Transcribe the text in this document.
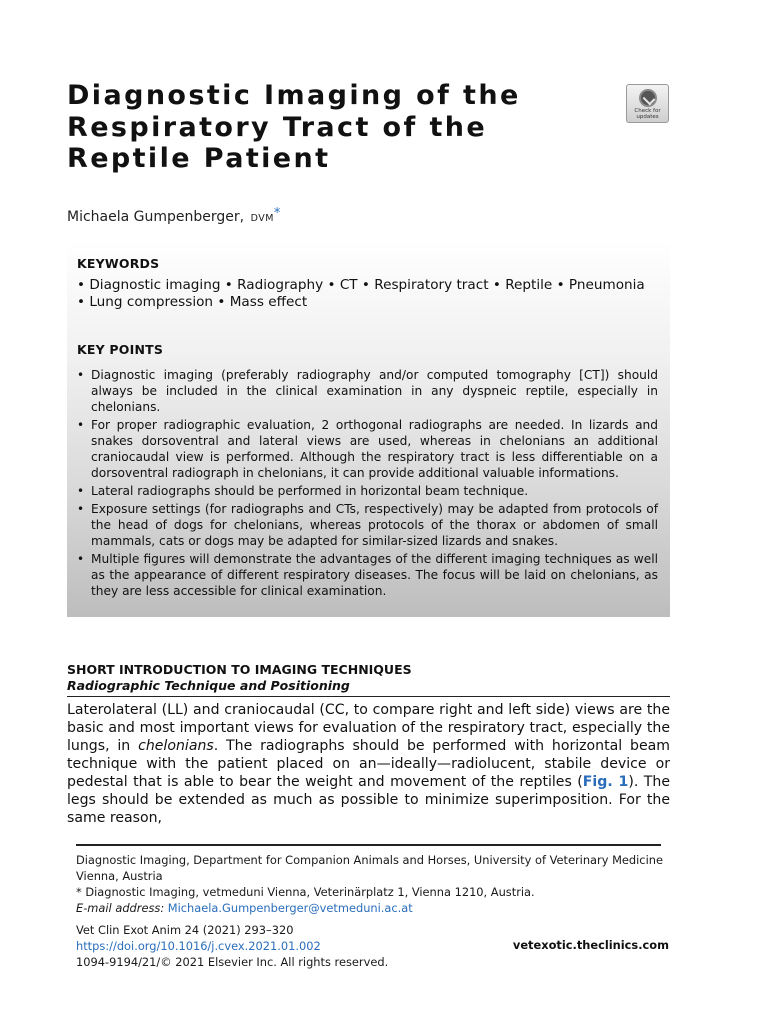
Diagnostic Imaging of the
Respiratory Tract of the
Reptile Patient
Check for
updates
Michaela Gumpenberger, DVM*
KEYWORDS
• Diagnostic imaging • Radiography • CT • Respiratory tract • Reptile • Pneumonia
• Lung compression • Mass effect
KEY POINTS
• Diagnostic imaging (preferably radiography and/or computed tomography [CT]) should always be included in the clinical examination in any dyspneic reptile, especially in chelonians.
• For proper radiographic evaluation, 2 orthogonal radiographs are needed. In lizards and snakes dorsoventral and lateral views are used, whereas in chelonians an additional craniocaudal view is performed. Although the respiratory tract is less differentiable on a dorsoventral radiograph in chelonians, it can provide additional valuable informations.
• Lateral radiographs should be performed in horizontal beam technique.
• Exposure settings (for radiographs and CTs, respectively) may be adapted from protocols of the head of dogs for chelonians, whereas protocols of the thorax or abdomen of small mammals, cats or dogs may be adapted for similar-sized lizards and snakes.
• Multiple figures will demonstrate the advantages of the different imaging techniques as well as the appearance of different respiratory diseases. The focus will be laid on chelonians, as they are less accessible for clinical examination.
SHORT INTRODUCTION TO IMAGING TECHNIQUES
Radiographic Technique and Positioning
Laterolateral (LL) and craniocaudal (CC, to compare right and left side) views are the basic and most important views for evaluation of the respiratory tract, especially the lungs, in chelonians. The radiographs should be performed with horizontal beam technique with the patient placed on an—ideally—radiolucent, stabile device or pedestal that is able to bear the weight and movement of the reptiles (Fig. 1). The legs should be extended as much as possible to minimize superimposition. For the same reason,
Diagnostic Imaging, Department for Companion Animals and Horses, University of Veterinary Medicine Vienna, Austria
* Diagnostic Imaging, vetmeduni Vienna, Veterinärplatz 1, Vienna 1210, Austria.
E-mail address: Michaela.Gumpenberger@vetmeduni.ac.at
Vet Clin Exot Anim 24 (2021) 293–320
https://doi.org/10.1016/j.cvex.2021.01.002
1094-9194/21/© 2021 Elsevier Inc. All rights reserved.
vetexotic.theclinics.com
